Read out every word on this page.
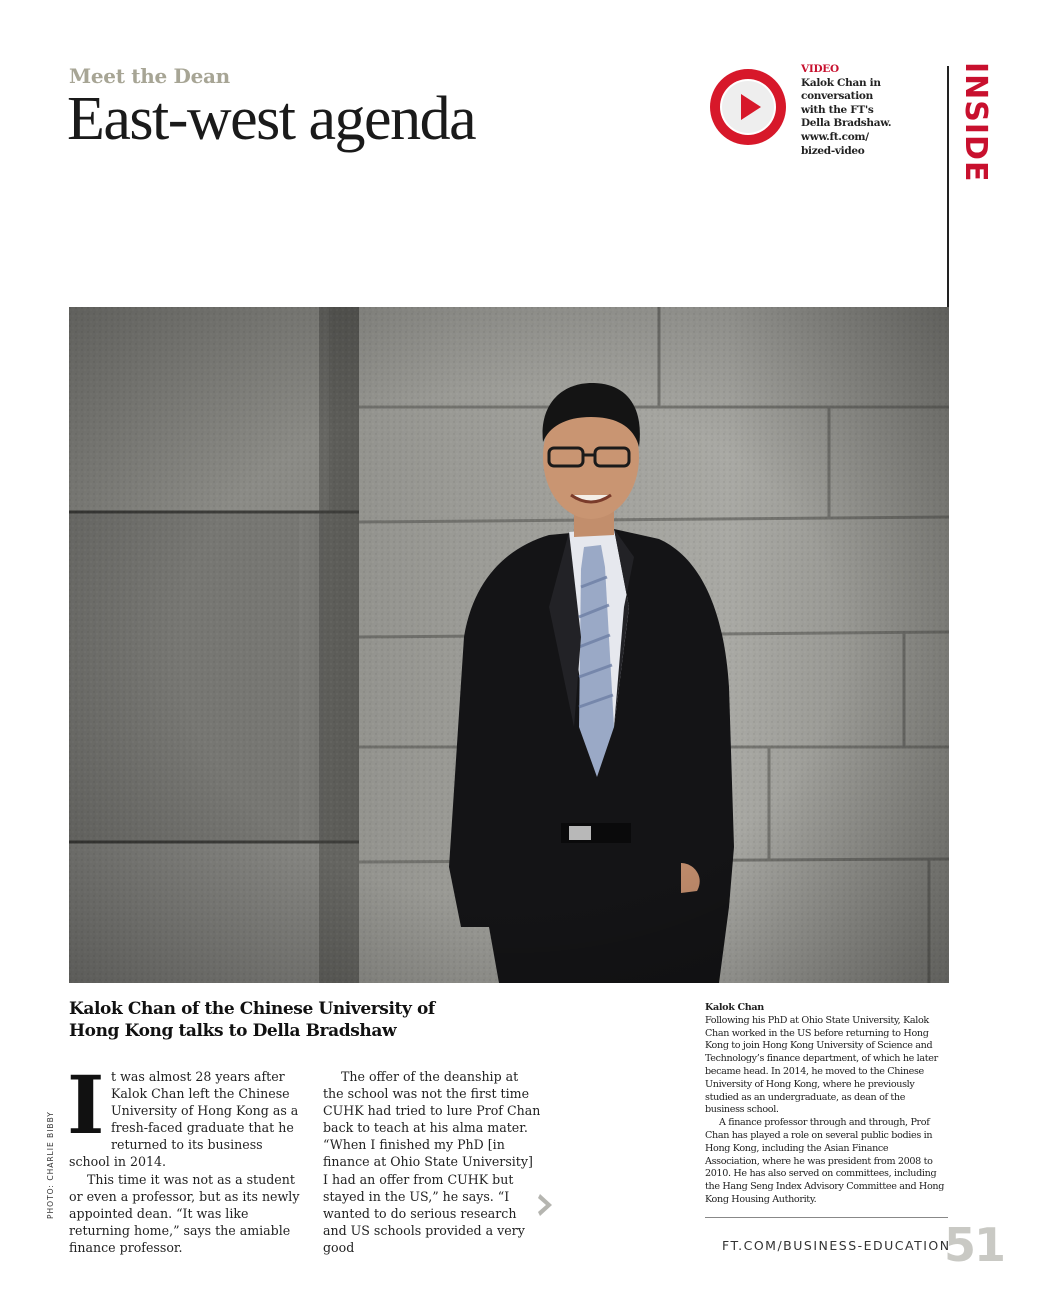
Meet the Dean
East-west agenda
VIDEO
Kalok Chan in
conversation
with the FT's
Della Bradshaw.
www.ft.com/
bized-video	INSIDE
Kalok Chan of the Chinese University of
Hong Kong talks to Della Bradshaw
PHOTO: CHARLIE BIBBY
I t was almost 28 years after Kalok Chan left the Chinese University of Hong Kong as a fresh-faced graduate that he returned to its business school in 2014.

This time it was not as a student or even a professor, but as its newly appointed dean. “It was like returning home,” says the amiable finance professor.

The offer of the deanship at the school was not the first time CUHK had tried to lure Prof Chan back to teach at his alma mater. “When I finished my PhD [in finance at Ohio State University] I had an offer from CUHK but stayed in the US,” he says. “I wanted to do serious research and US schools provided a very good

Kalok Chan

Following his PhD at Ohio State University, Kalok Chan worked in the US before returning to Hong Kong to join Hong Kong University of Science and Technology’s finance department, of which he later became head. In 2014, he moved to the Chinese University of Hong Kong, where he previously studied as an undergraduate, as dean of the business school.

A finance professor through and through, Prof Chan has played a role on several public bodies in Hong Kong, including the Asian Finance Association, where he was president from 2008 to 2010. He has also served on committees, including the Hang Seng Index Advisory Committee and Hong Kong Housing Authority.

FT.COM/BUSINESS-EDUCATION
51
